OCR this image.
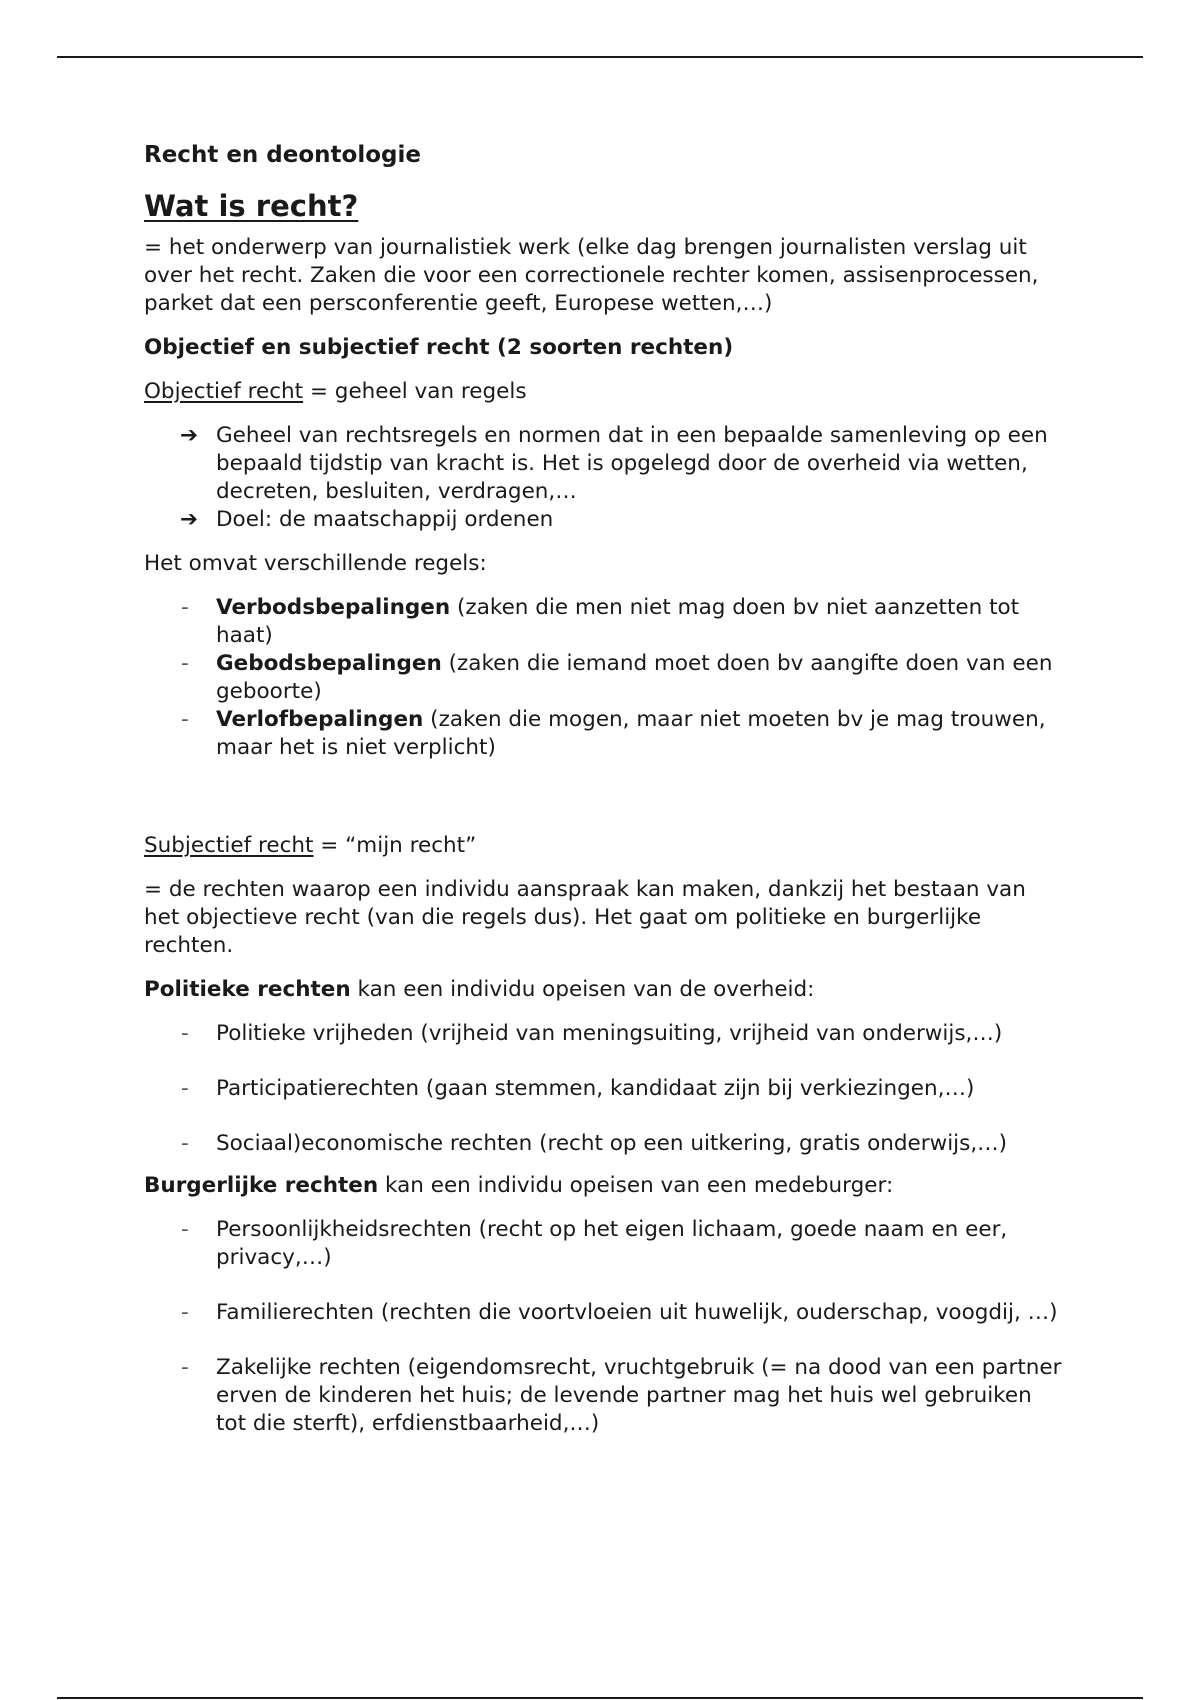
Recht en deontologie

Wat is recht?

= het onderwerp van journalistiek werk (elke dag brengen journalisten verslag uit over het recht. Zaken die voor een correctionele rechter komen, assisenprocessen, parket dat een persconferentie geeft, Europese wetten,…)

Objectief en subjectief recht (2 soorten rechten)

Objectief recht = geheel van regels

➔ Geheel van rechtsregels en normen dat in een bepaalde samenleving op een bepaald tijdstip van kracht is. Het is opgelegd door de overheid via wetten, decreten, besluiten, verdragen,…
➔ Doel: de maatschappij ordenen

Het omvat verschillende regels:

- Verbodsbepalingen (zaken die men niet mag doen bv niet aanzetten tot haat)
- Gebodsbepalingen (zaken die iemand moet doen bv aangifte doen van een geboorte)
- Verlofbepalingen (zaken die mogen, maar niet moeten bv je mag trouwen, maar het is niet verplicht)

Subjectief recht = “mijn recht”

= de rechten waarop een individu aanspraak kan maken, dankzij het bestaan van het objectieve recht (van die regels dus). Het gaat om politieke en burgerlijke rechten.

Politieke rechten kan een individu opeisen van de overheid:

- Politieke vrijheden (vrijheid van meningsuiting, vrijheid van onderwijs,…)
- Participatierechten (gaan stemmen, kandidaat zijn bij verkiezingen,…)
- Sociaal)economische rechten (recht op een uitkering, gratis onderwijs,…)

Burgerlijke rechten kan een individu opeisen van een medeburger:

- Persoonlijkheidsrechten (recht op het eigen lichaam, goede naam en eer, privacy,…)
- Familierechten (rechten die voortvloeien uit huwelijk, ouderschap, voogdij, …)
- Zakelijke rechten (eigendomsrecht, vruchtgebruik (= na dood van een partner erven de kinderen het huis; de levende partner mag het huis wel gebruiken tot die sterft), erfdienstbaarheid,…)
